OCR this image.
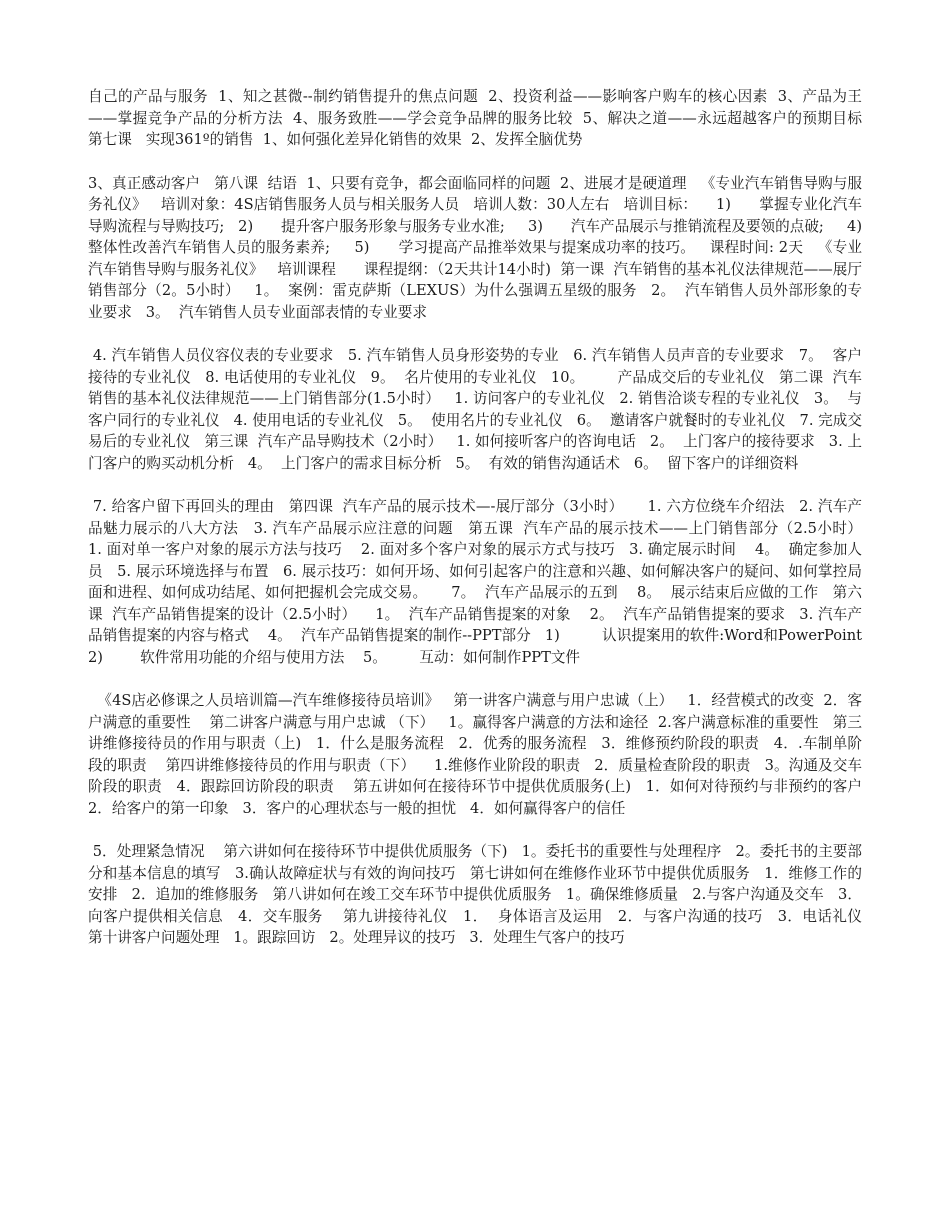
自己的产品与服务  1、知之甚微--制约销售提升的焦点问题  2、投资利益——影响客户购车的核心因素  3、产品为王——掌握竞争产品的分析方法  4、服务致胜——学会竞争品牌的服务比较  5、解决之道——永远超越客户的预期目标   第七课   实现361º的销售  1、如何强化差异化销售的效果  2、发挥全脑优势

3、真正感动客户   第八课  结语  1、只要有竞争，都会面临同样的问题  2、进展才是硬道理   《专业汽车销售导购与服务礼仪》   培训对象：4S店销售服务人员与相关服务人员   培训人数：30人左右   培训目标：    1)      掌握专业化汽车导购流程与导购技巧;   2)      提升客户服务形象与服务专业水准;     3)      汽车产品展示与推销流程及要领的点破;     4)      整体性改善汽车销售人员的服务素养;     5)      学习提高产品推举效果与提案成功率的技巧。   课程时间: 2天   《专业汽车销售导购与服务礼仪》   培训课程      课程提纲：（2天共计14小时)  第一课  汽车销售的基本礼仪法律规范——展厅销售部分（2。5小时）   1。  案例：雷克萨斯（LEXUS）为什么强调五星级的服务   2。  汽车销售人员外部形象的专业要求   3。  汽车销售人员专业面部表情的专业要求

4. 汽车销售人员仪容仪表的专业要求   5. 汽车销售人员身形姿势的专业   6. 汽车销售人员声音的专业要求   7。  客户接待的专业礼仪   8. 电话使用的专业礼仪   9。  名片使用的专业礼仪   10。       产品成交后的专业礼仪   第二课  汽车销售的基本礼仪法律规范——上门销售部分(1.5小时）   1. 访问客户的专业礼仪   2. 销售洽谈专程的专业礼仪   3。  与客户同行的专业礼仪   4. 使用电话的专业礼仪   5。  使用名片的专业礼仪   6。  邀请客户就餐时的专业礼仪   7. 完成交易后的专业礼仪   第三课  汽车产品导购技术（2小时）   1. 如何接听客户的咨询电话   2。  上门客户的接待要求   3. 上门客户的购买动机分析   4。  上门客户的需求目标分析   5。  有效的销售沟通话术   6。  留下客户的详细资料

7. 给客户留下再回头的理由   第四课  汽车产品的展示技术—-展厅部分（3小时）     1. 六方位绕车介绍法   2. 汽车产品魅力展示的八大方法   3. 汽车产品展示应注意的问题   第五课  汽车产品的展示技术——上门销售部分（2.5小时）    1. 面对单一客户对象的展示方法与技巧    2. 面对多个客户对象的展示方式与技巧   3. 确定展示时间    4。  确定参加人员   5. 展示环境选择与布置   6. 展示技巧：如何开场、如何引起客户的注意和兴趣、如何解决客户的疑问、如何掌控局面和进程、如何成功结尾、如何把握机会完成交易。     7。  汽车产品展示的五到    8。  展示结束后应做的工作   第六课  汽车产品销售提案的设计（2.5小时）    1。  汽车产品销售提案的对象    2。  汽车产品销售提案的要求   3. 汽车产品销售提案的内容与格式    4。  汽车产品销售提案的制作--PPT部分   1)         认识提案用的软件:Word和PowerPoint     2)        软件常用功能的介绍与使用方法    5。       互动：如何制作PPT文件

《4S店必修课之人员培训篇—汽车维修接待员培训》   第一讲客户满意与用户忠诚（上）   1．经营模式的改变  2．客户满意的重要性    第二讲客户满意与用户忠诚 （下）   1。赢得客户满意的方法和途径  2.客户满意标准的重要性   第三讲维修接待员的作用与职责（上)   1．什么是服务流程   2．优秀的服务流程   3．维修预约阶段的职责   4．.车制单阶段的职责    第四讲维修接待员的作用与职责（下）    1.维修作业阶段的职责   2．质量检查阶段的职责   3。沟通及交车阶段的职责   4．跟踪回访阶段的职责    第五讲如何在接待环节中提供优质服务(上)   1．如何对待预约与非预约的客户   2．给客户的第一印象   3．客户的心理状态与一般的担忧   4．如何赢得客户的信任

5．处理紧急情况    第六讲如何在接待环节中提供优质服务（下)   1。委托书的重要性与处理程序   2。委托书的主要部分和基本信息的填写   3.确认故障症状与有效的询问技巧   第七讲如何在维修作业环节中提供优质服务   1．维修工作的安排   2．追加的维修服务   第八讲如何在竣工交车环节中提供优质服务   1。确保维修质量   2.与客户沟通及交车   3．向客户提供相关信息   4．交车服务    第九讲接待礼仪   1．  身体语言及运用   2．与客户沟通的技巧   3．电话礼仪    第十讲客户问题处理   1。跟踪回访   2。处理异议的技巧   3．处理生气客户的技巧
